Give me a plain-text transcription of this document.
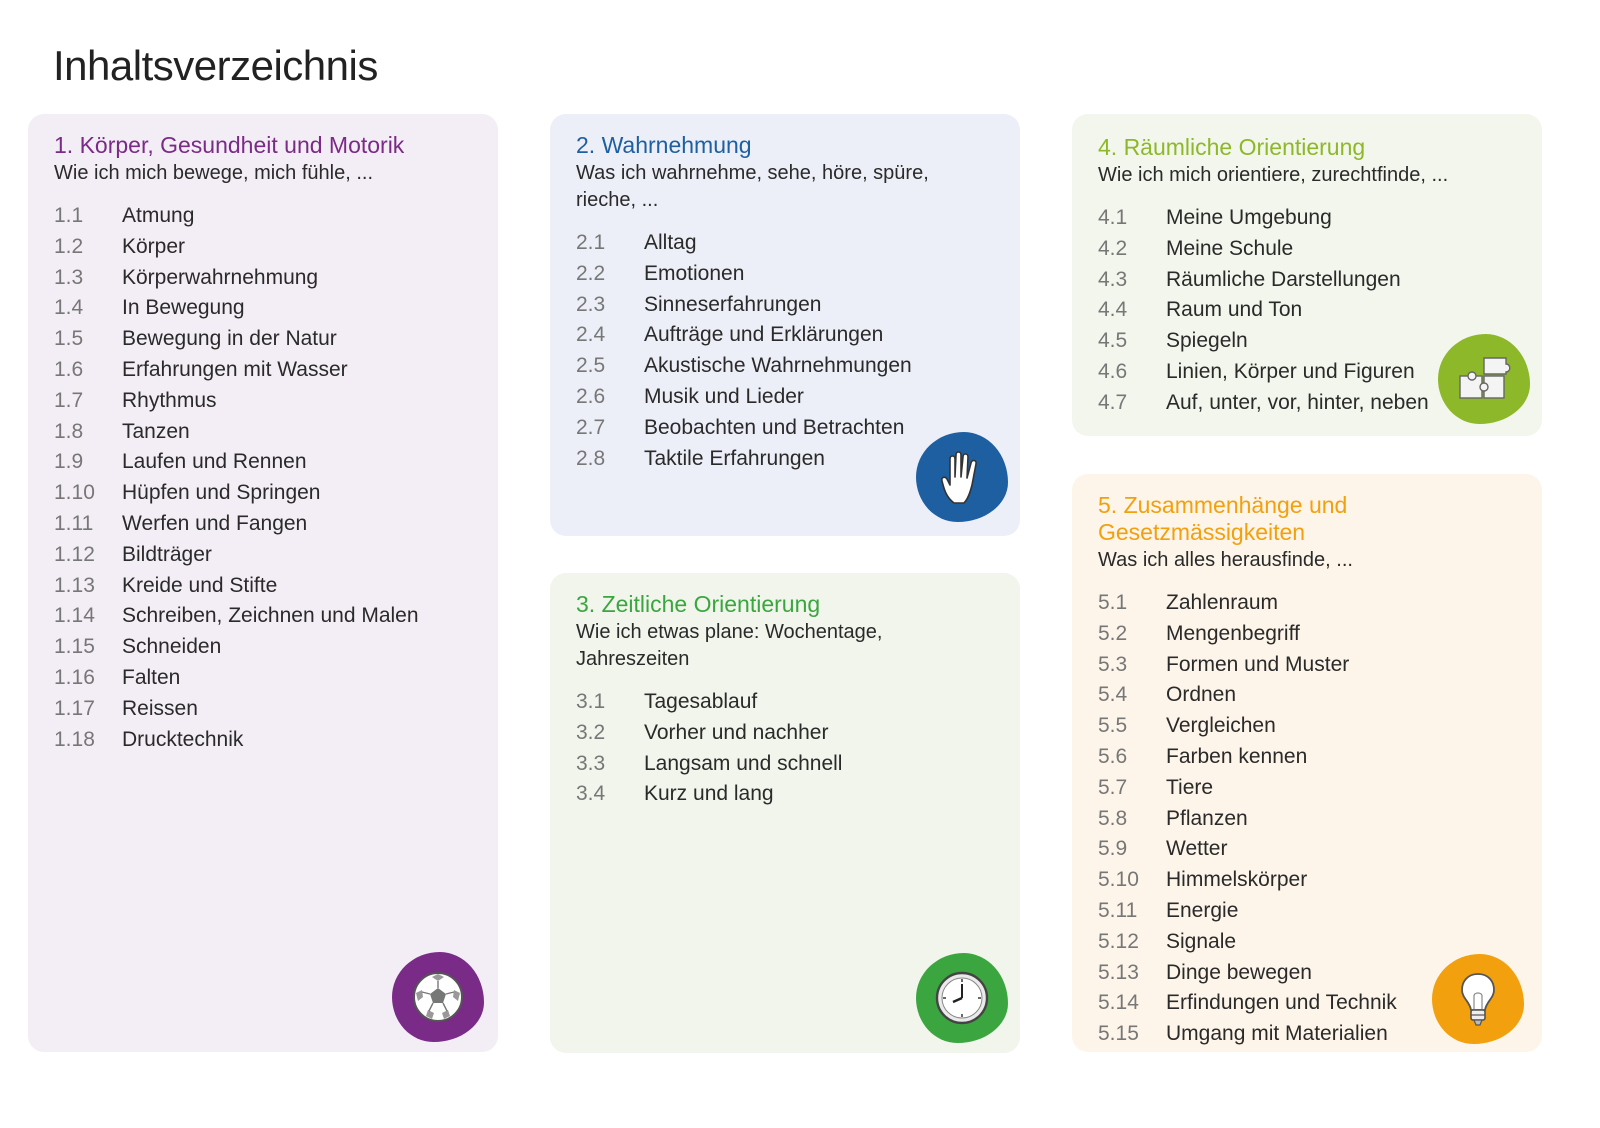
Inhaltsverzeichnis
1. Körper, Gesundheit und Motorik
Wie ich mich bewege, mich fühle, ...
1.1	Atmung
1.2	Körper
1.3	Körperwahrnehmung
1.4	In Bewegung
1.5	Bewegung in der Natur
1.6	Erfahrungen mit Wasser
1.7	Rhythmus
1.8	Tanzen
1.9	Laufen und Rennen
1.10	Hüpfen und Springen
1.11	Werfen und Fangen
1.12	Bildträger
1.13	Kreide und Stifte
1.14	Schreiben, Zeichnen und Malen
1.15	Schneiden
1.16	Falten
1.17	Reissen
1.18	Drucktechnik
2. Wahrnehmung
Was ich wahrnehme, sehe, höre, spüre, rieche, ...
2.1	Alltag
2.2	Emotionen
2.3	Sinneserfahrungen
2.4	Aufträge und Erklärungen
2.5	Akustische Wahrnehmungen
2.6	Musik und Lieder
2.7	Beobachten und Betrachten
2.8	Taktile Erfahrungen
3. Zeitliche Orientierung
Wie ich etwas plane: Wochentage, Jahreszeiten
3.1	Tagesablauf
3.2	Vorher und nachher
3.3	Langsam und schnell
3.4	Kurz und lang
4. Räumliche Orientierung
Wie ich mich orientiere, zurechtfinde, ...
4.1	Meine Umgebung
4.2	Meine Schule
4.3	Räumliche Darstellungen
4.4	Raum und Ton
4.5	Spiegeln
4.6	Linien, Körper und Figuren
4.7	Auf, unter, vor, hinter, neben
5. Zusammenhänge und Gesetzmässigkeiten
Was ich alles herausfinde, ...
5.1	Zahlenraum
5.2	Mengenbegriff
5.3	Formen und Muster
5.4	Ordnen
5.5	Vergleichen
5.6	Farben kennen
5.7	Tiere
5.8	Pflanzen
5.9	Wetter
5.10	Himmelskörper
5.11	Energie
5.12	Signale
5.13	Dinge bewegen
5.14	Erfindungen und Technik
5.15	Umgang mit Materialien
